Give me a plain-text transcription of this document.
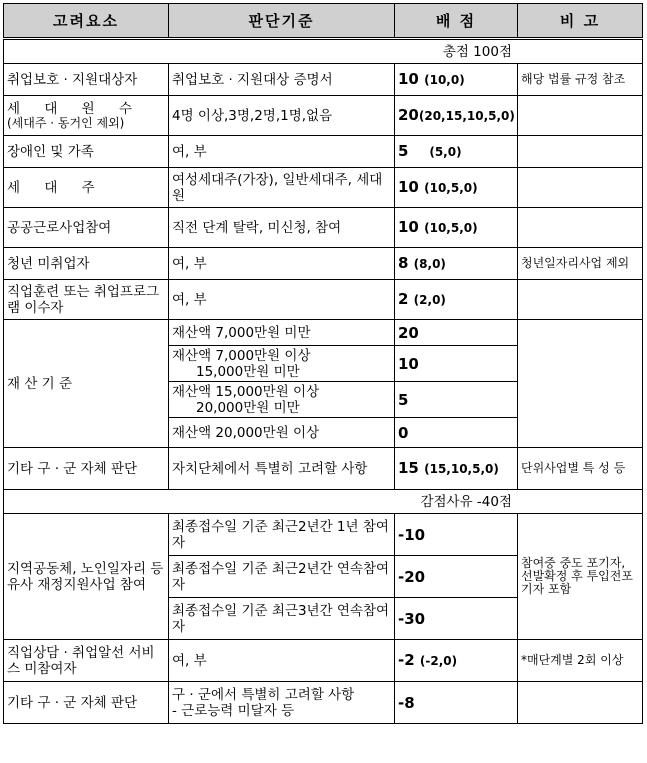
고려요소	판단기준	배 점	비 고
총점 100점			
취업보호 · 지원대상자	취업보호 · 지원대상 증명서	10 (10,0)	해당 법률 규정 참조

세 대 원 수
(세대주 · 동거인 제외)	4명 이상,3명,2명,1명,없음	20(20,15,10,5,0)	
장애인 및 가족	여, 부	5 (5,0)	
세 대 주	여성세대주(가장), 일반세대주, 세대원	10 (10,5,0)	
공공근로사업참여	직전 단계 탈락, 미신청, 참여	10 (10,5,0)	
청년 미취업자	여, 부	8 (8,0)	청년일자리사업 제외
직업훈련 또는 취업프로그램 이수자	여, 부	2 (2,0)	
재 산 기 준	재산액 7,000만원 미만	20	

	재산액 7,000만원 이상
15,000만원 미만	10	

	재산액 15,000만원 이상
20,000만원 미만	5	
	재산액 20,000만원 이상	0	
기타 구 · 군 자체 판단	자치단체에서 특별히 고려할 사항	15 (15,10,5,0)	단위사업별 특 성 등
감점사유 -40점			
지역공동체, 노인일자리 등 유사 재정지원사업 참여	최종접수일 기준 최근2년간 1년 참여자	-10	참여중 중도 포기자, 선발확정 후 투입전포기자 포함
	최종접수일 기준 최근2년간 연속참여자	-20	
	최종접수일 기준 최근3년간 연속참여자	-30	
직업상담 · 취업알선 서비스 미참여자	여, 부	-2 (-2,0)	*매단계별 2회 이상
기타 구 · 군 자체 판단	구 · 군에서 특별히 고려할 사항
- 근로능력 미달자 등	-8	
